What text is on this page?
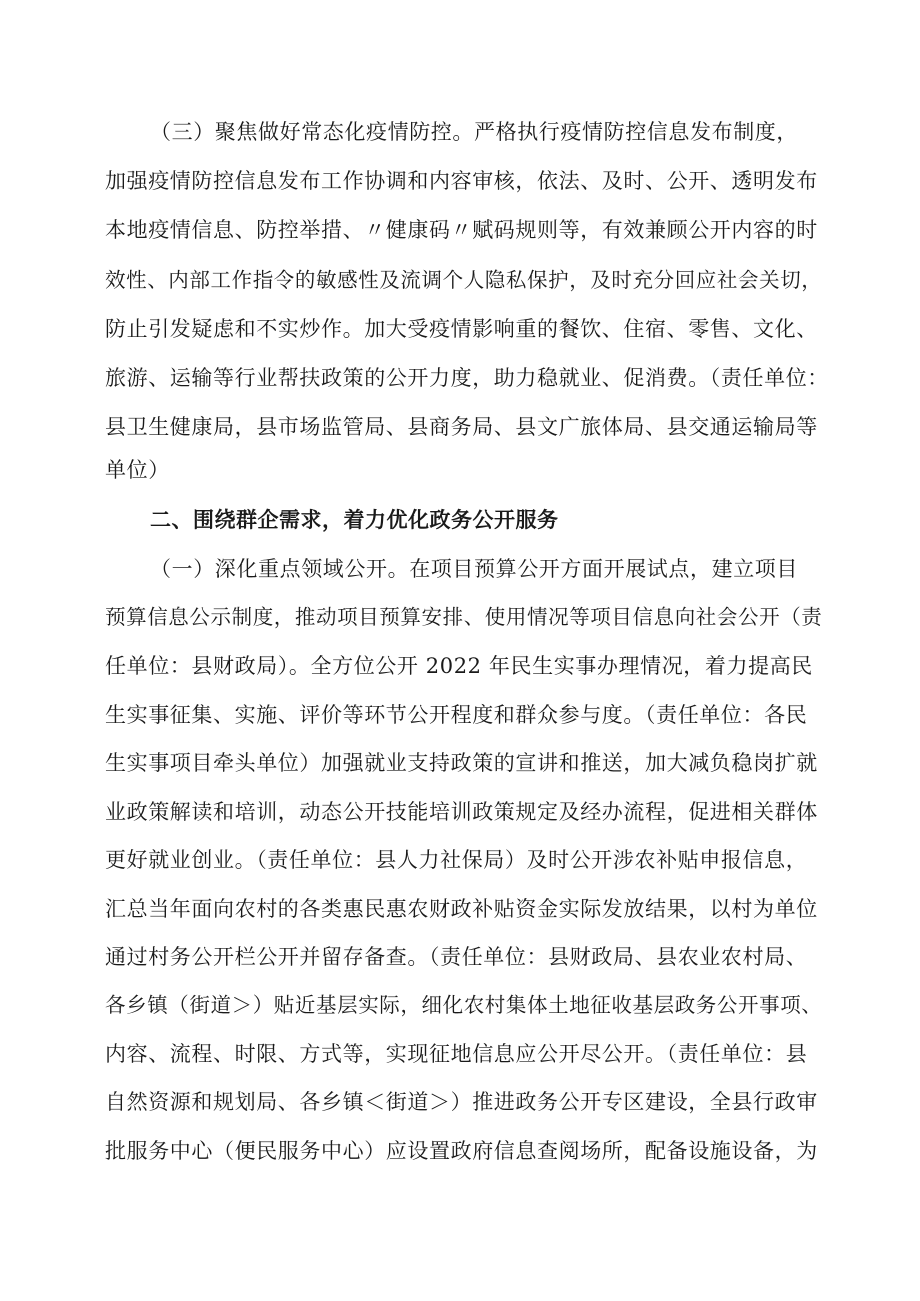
（三）聚焦做好常态化疫情防控。严格执行疫情防控信息发布制度，
加强疫情防控信息发布工作协调和内容审核，依法、及时、公开、透明发布
本地疫情信息、防控举措、〃健康码〃赋码规则等，有效兼顾公开内容的时
效性、内部工作指令的敏感性及流调个人隐私保护，及时充分回应社会关切，
防止引发疑虑和不实炒作。加大受疫情影响重的餐饮、住宿、零售、文化、
旅游、运输等行业帮扶政策的公开力度，助力稳就业、促消费。（责任单位：
县卫生健康局，县市场监管局、县商务局、县文广旅体局、县交通运输局等
单位）
二、围绕群企需求，着力优化政务公开服务
（一）深化重点领域公开。在项目预算公开方面开展试点，建立项目
预算信息公示制度，推动项目预算安排、使用情况等项目信息向社会公开（责
任单位：县财政局）。全方位公开 2022 年民生实事办理情况，着力提高民
生实事征集、实施、评价等环节公开程度和群众参与度。（责任单位：各民
生实事项目牵头单位）加强就业支持政策的宣讲和推送，加大减负稳岗扩就
业政策解读和培训，动态公开技能培训政策规定及经办流程，促进相关群体
更好就业创业。（责任单位：县人力社保局）及时公开涉农补贴申报信息，
汇总当年面向农村的各类惠民惠农财政补贴资金实际发放结果，以村为单位
通过村务公开栏公开并留存备查。（责任单位：县财政局、县农业农村局、
各乡镇（街道＞）贴近基层实际，细化农村集体土地征收基层政务公开事项、
内容、流程、时限、方式等，实现征地信息应公开尽公开。（责任单位：县
自然资源和规划局、各乡镇＜街道＞）推进政务公开专区建设，全县行政审
批服务中心（便民服务中心）应设置政府信息查阅场所，配备设施设备，为
